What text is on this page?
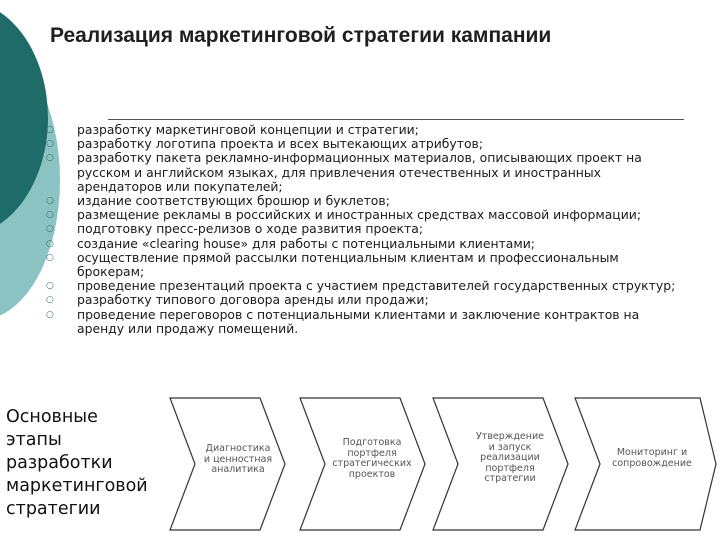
Реализация маркетинговой стратегии кампании
○ разработку маркетинговой концепции и стратегии;
○ разработку логотипа проекта и всех вытекающих атрибутов;
○ разработку пакета рекламно-информационных материалов, описывающих проект на русском и английском языках, для привлечения отечественных и иностранных арендаторов или покупателей;
○ издание соответствующих брошюр и буклетов;
○ размещение рекламы в российских и иностранных средствах массовой информации;
○ подготовку пресс-релизов о ходе развития проекта;
○ создание «clearing house» для работы с потенциальными клиентами;
○ осуществление прямой рассылки потенциальным клиентам и профессиональным брокерам;
○ проведение презентаций проекта с участием представителей государственных структур;
○ разработку типового договора аренды или продажи;
○ проведение переговоров с потенциальными клиентами и заключение контрактов на аренду или продажу помещений.
Основные
этапы
разработки
маркетинговой
стратегии
Диагностика
и ценностная
аналитика
Подготовка
портфеля
стратегических
проектов
Утверждение
и запуск
реализации
портфеля
стратегии
Мониторинг и
сопровождение
